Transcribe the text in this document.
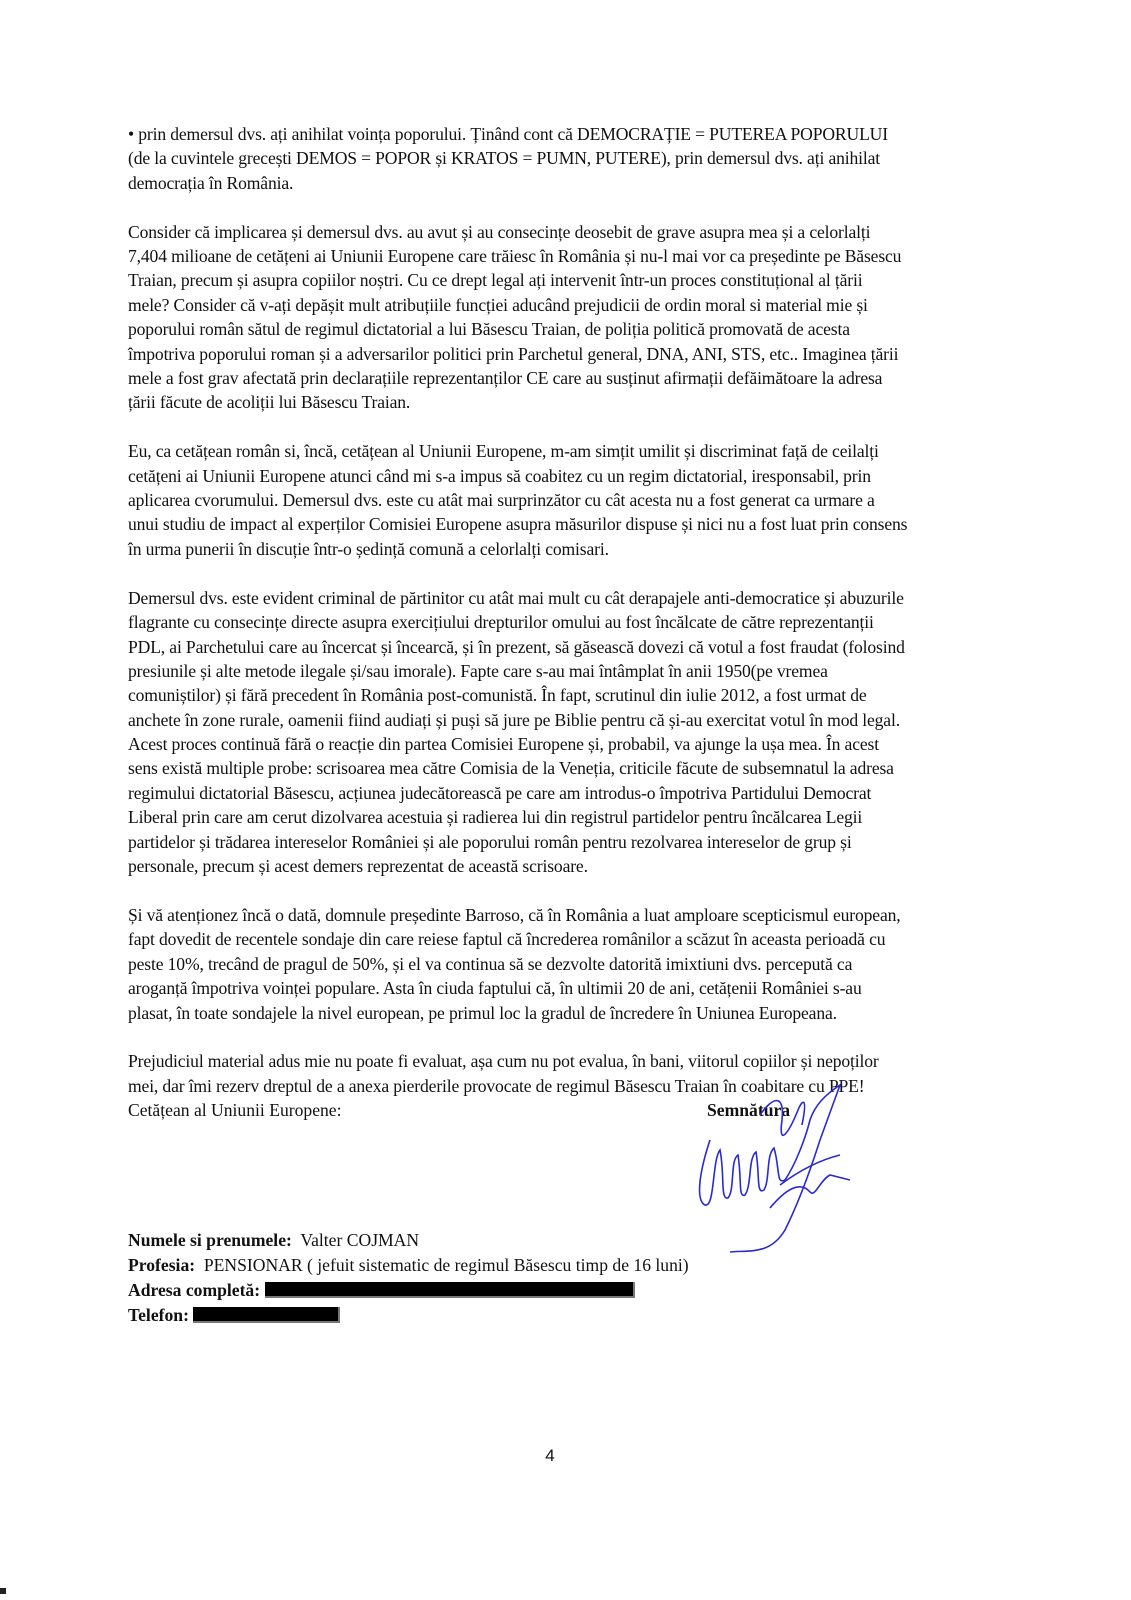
• prin demersul dvs. ați anihilat voința poporului. Ținând cont că DEMOCRAȚIE = PUTEREA POPORULUI
(de la cuvintele grecești DEMOS = POPOR și KRATOS = PUMN, PUTERE), prin demersul dvs. ați anihilat
democrația în România.
Consider că implicarea și demersul dvs. au avut și au consecințe deosebit de grave asupra mea și a celorlalți
7,404 milioane de cetățeni ai Uniunii Europene care trăiesc în România și nu-l mai vor ca președinte pe Băsescu
Traian, precum și asupra copiilor noștri. Cu ce drept legal ați intervenit într-un proces constituțional al țării
mele? Consider că v-ați depășit mult atribuțiile funcției aducând prejudicii de ordin moral si material mie și
poporului român sătul de regimul dictatorial a lui Băsescu Traian, de poliția politică promovată de acesta
împotriva poporului roman și a adversarilor politici prin Parchetul general, DNA, ANI, STS, etc.. Imaginea țării
mele a fost grav afectată prin declarațiile reprezentanților CE care au susținut afirmații defăimătoare la adresa
țării făcute de acoliții lui Băsescu Traian.
Eu, ca cetățean român si, încă, cetățean al Uniunii Europene, m-am simțit umilit și discriminat față de ceilalți
cetățeni ai Uniunii Europene atunci când mi s-a impus să coabitez cu un regim dictatorial, iresponsabil, prin
aplicarea cvorumului. Demersul dvs. este cu atât mai surprinzător cu cât acesta nu a fost generat ca urmare a
unui studiu de impact al experților Comisiei Europene asupra măsurilor dispuse și nici nu a fost luat prin consens
în urma punerii în discuție într-o ședință comună a celorlalți comisari.
Demersul dvs. este evident criminal de părtinitor cu atât mai mult cu cât derapajele anti-democratice și abuzurile
flagrante cu consecințe directe asupra exercițiului drepturilor omului au fost încălcate de către reprezentanții
PDL, ai Parchetului care au încercat și încearcă, și în prezent, să găsească dovezi că votul a fost fraudat (folosind
presiunile și alte metode ilegale și/sau imorale). Fapte care s-au mai întâmplat în anii 1950(pe vremea
comuniștilor) și fără precedent în România post-comunistă. În fapt, scrutinul din iulie 2012, a fost urmat de
anchete în zone rurale, oamenii fiind audiați și puși să jure pe Biblie pentru că și-au exercitat votul în mod legal.
Acest proces continuă fără o reacție din partea Comisiei Europene și, probabil, va ajunge la ușa mea. În acest
sens există multiple probe: scrisoarea mea către Comisia de la Veneția, criticile făcute de subsemnatul la adresa
regimului dictatorial Băsescu, acțiunea judecătorească pe care am introdus-o împotriva Partidului Democrat
Liberal prin care am cerut dizolvarea acestuia și radierea lui din registrul partidelor pentru încălcarea Legii
partidelor și trădarea intereselor României și ale poporului român pentru rezolvarea intereselor de grup și
personale, precum și acest demers reprezentat de această scrisoare.
Și vă atenționez încă o dată, domnule președinte Barroso, că în România a luat amploare scepticismul european,
fapt dovedit de recentele sondaje din care reiese faptul că încrederea românilor a scăzut în aceasta perioadă cu
peste 10%, trecând de pragul de 50%, și el va continua să se dezvolte datorită imixtiuni dvs. percepută ca
aroganță împotriva voinței populare. Asta în ciuda faptului că, în ultimii 20 de ani, cetățenii României s-au
plasat, în toate sondajele la nivel european, pe primul loc la gradul de încredere în Uniunea Europeana.
Prejudiciul material adus mie nu poate fi evaluat, așa cum nu pot evalua, în bani, viitorul copiilor și nepoților
mei, dar îmi rezerv dreptul de a anexa pierderile provocate de regimul Băsescu Traian în coabitare cu PPE!
Cetățean al Uniunii Europene:	Semnătura
Numele si prenumele: Valter COJMAN
Profesia: PENSIONAR ( jefuit sistematic de regimul Băsescu timp de 16 luni)
Adresa completă:
Telefon:
4
